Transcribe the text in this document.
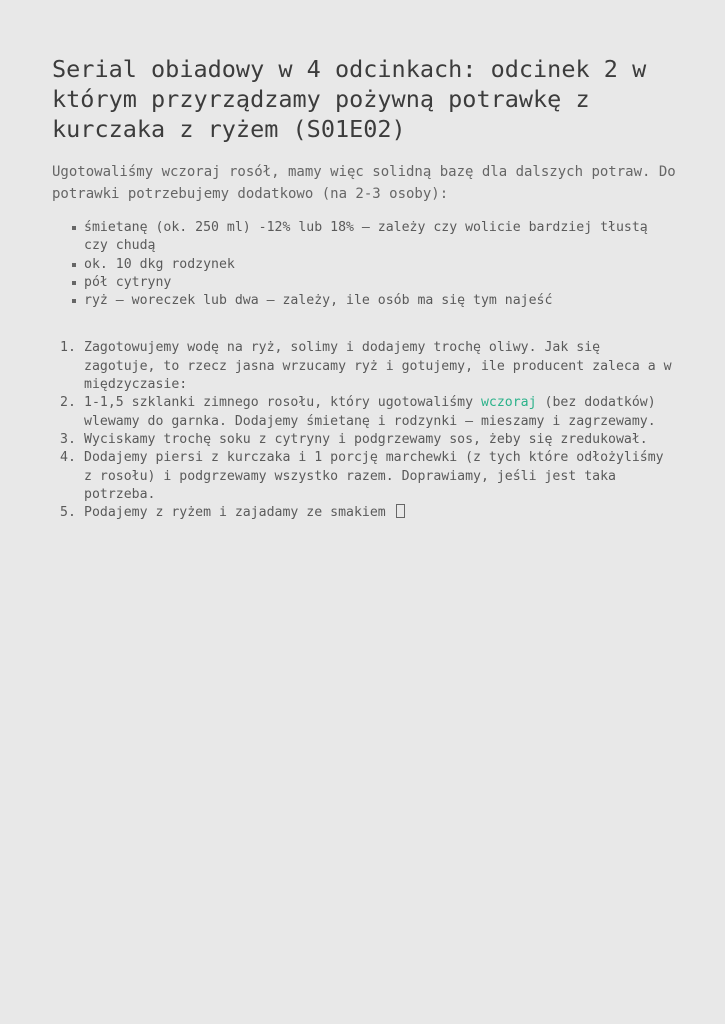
Serial obiadowy w 4 odcinkach: odcinek 2 w którym przyrządzamy pożywną potrawkę z kurczaka z ryżem (S01E02)

Ugotowaliśmy wczoraj rosół, mamy więc solidną bazę dla dalszych potraw. Do potrawki potrzebujemy dodatkowo (na 2-3 osoby):

śmietanę (ok. 250 ml) -12% lub 18% – zależy czy wolicie bardziej tłustą czy chudą
ok. 10 dkg rodzynek
pół cytryny
ryż – woreczek lub dwa – zależy, ile osób ma się tym najeść
1. Zagotowujemy wodę na ryż, solimy i dodajemy trochę oliwy. Jak się zagotuje, to rzecz jasna wrzucamy ryż i gotujemy, ile producent zaleca a w międzyczasie:
2. 1-1,5 szklanki zimnego rosołu, który ugotowaliśmy wczoraj (bez dodatków) wlewamy do garnka. Dodajemy śmietanę i rodzynki – mieszamy i zagrzewamy.
3. Wyciskamy trochę soku z cytryny i podgrzewamy sos, żeby się zredukował.
4. Dodajemy piersi z kurczaka i 1 porcję marchewki (z tych które odłożyliśmy z rosołu) i podgrzewamy wszystko razem. Doprawiamy, jeśli jest taka potrzeba.
5. Podajemy z ryżem i zajadamy ze smakiem
